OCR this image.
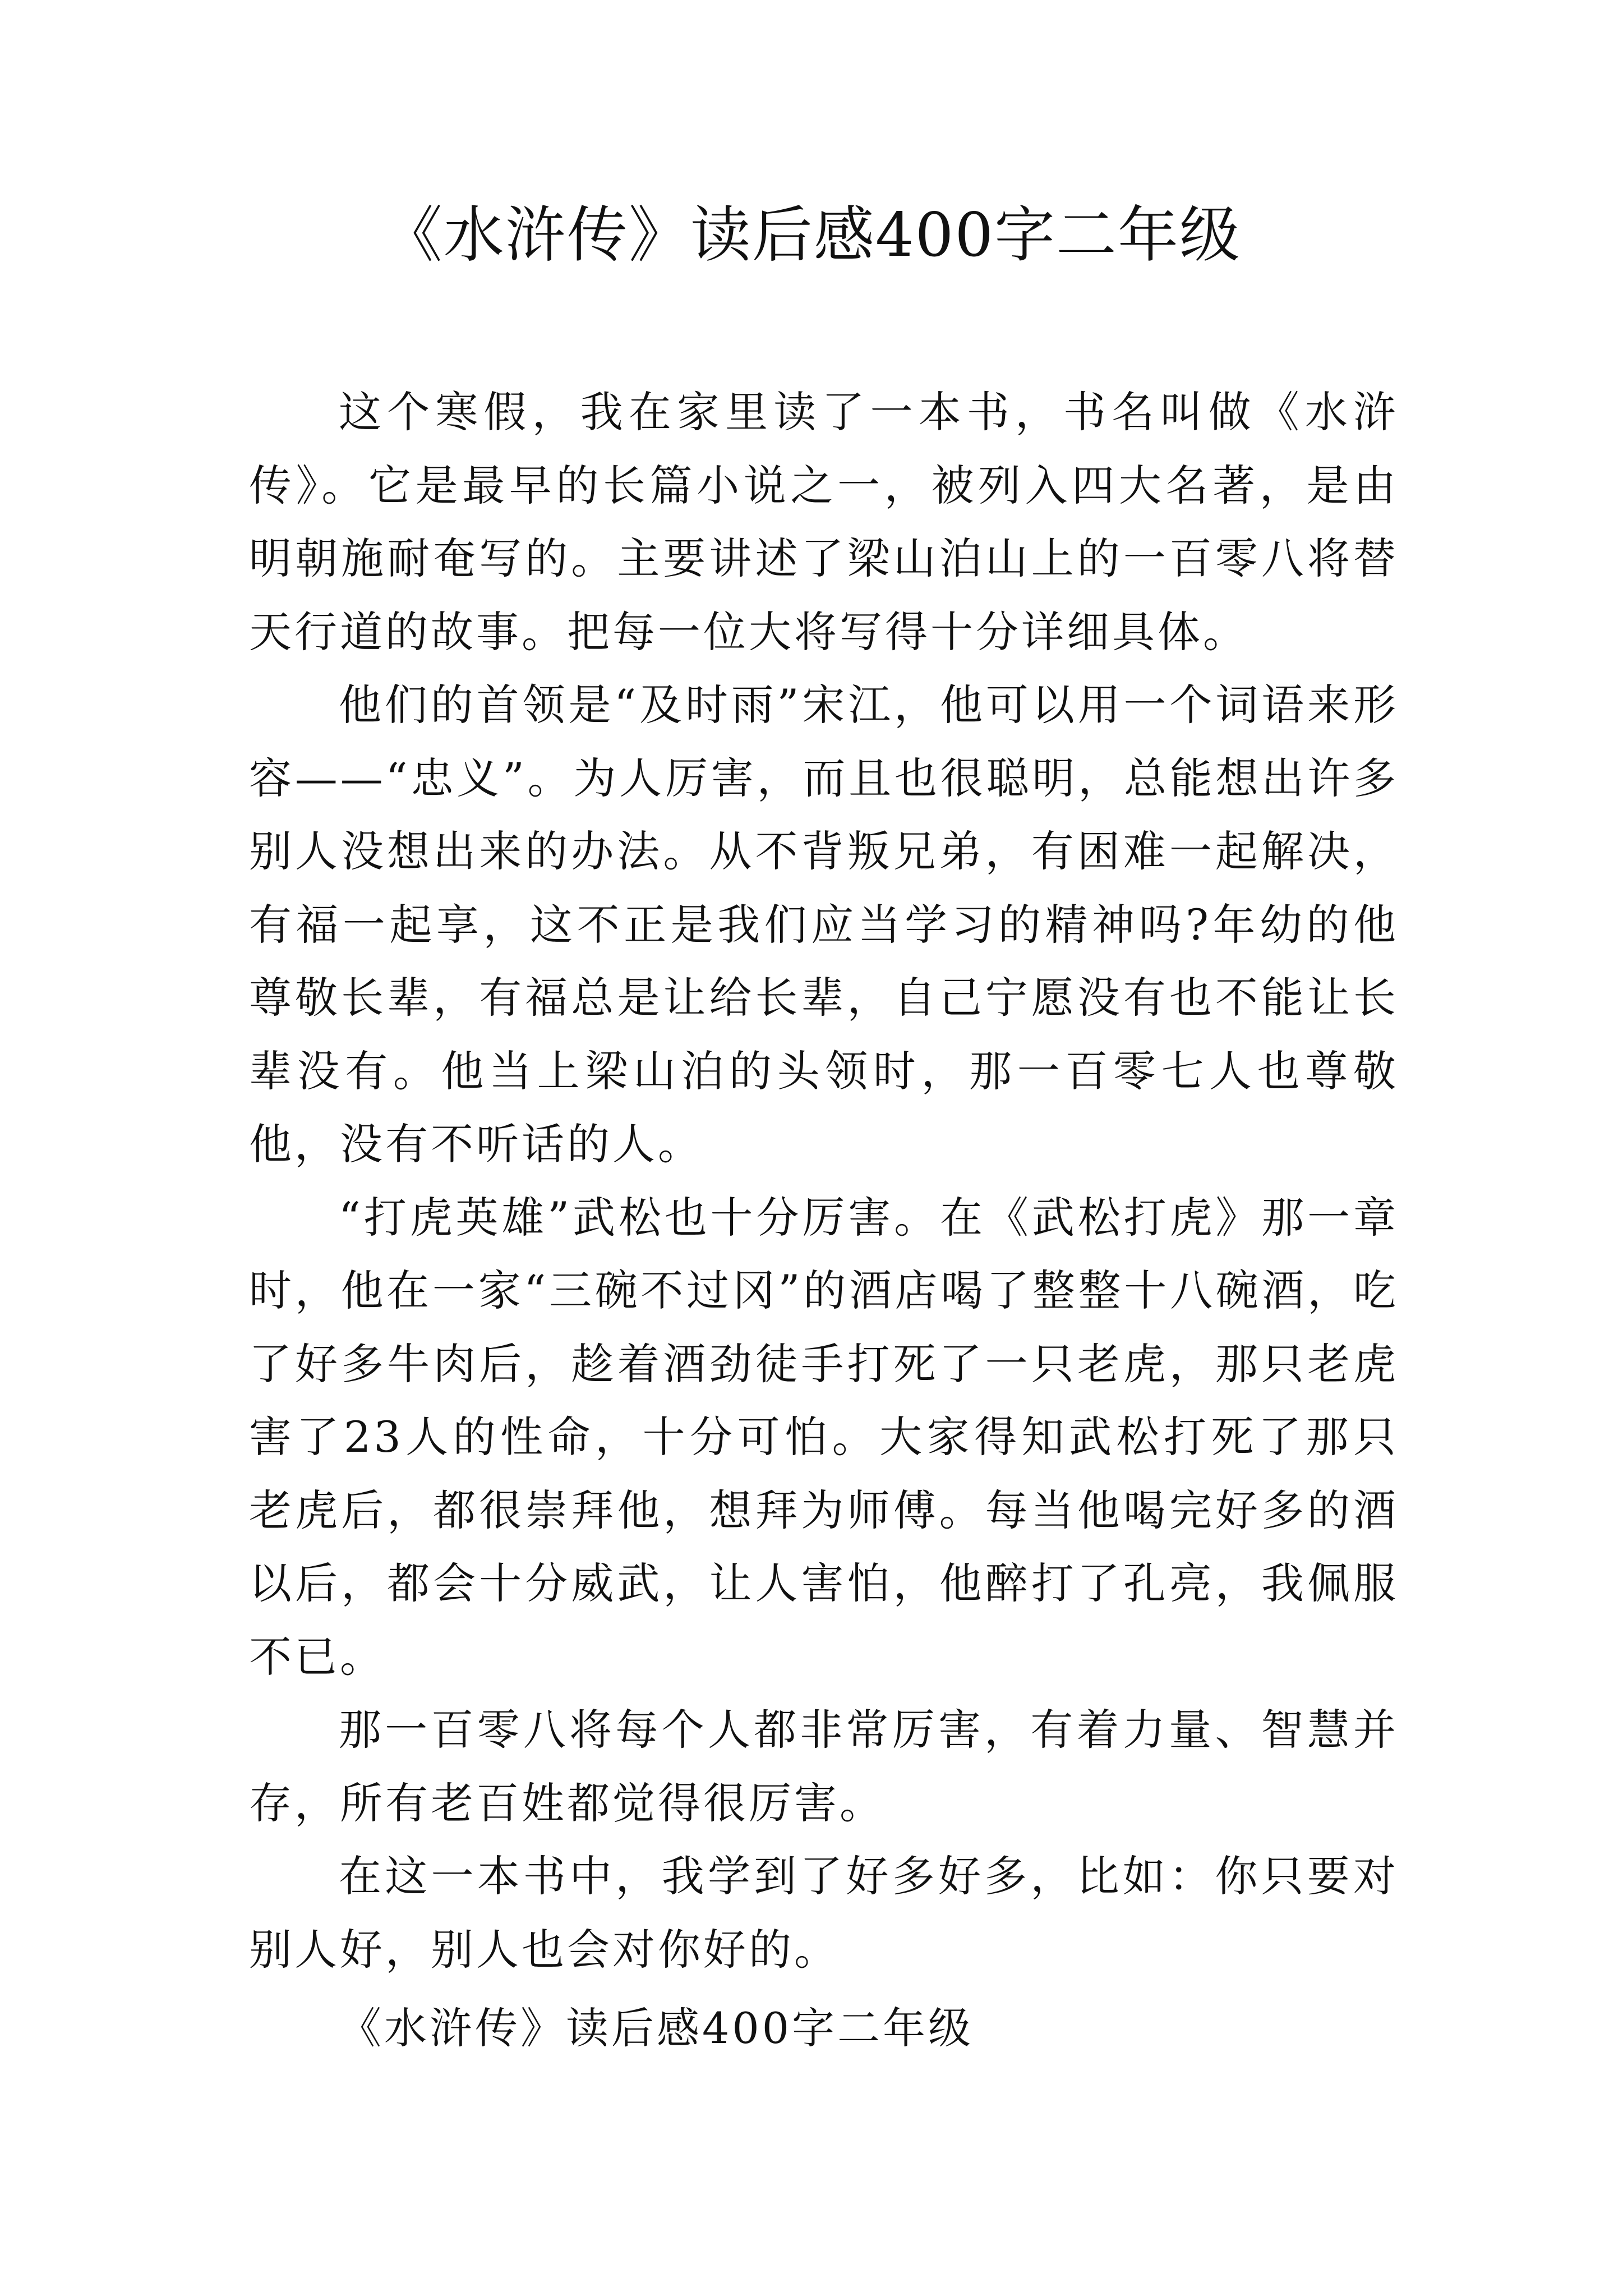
《水浒传》读后感400字二年级

这个寒假，我在家里读了一本书，书名叫做《水浒传》。它是最早的长篇小说之一，被列入四大名著，是由明朝施耐奄写的。主要讲述了梁山泊山上的一百零八将替天行道的故事。把每一位大将写得十分详细具体。

他们的首领是“及时雨”宋江，他可以用一个词语来形容——“忠义”。为人厉害，而且也很聪明，总能想出许多别人没想出来的办法。从不背叛兄弟，有困难一起解决，有福一起享，这不正是我们应当学习的精神吗?年幼的他尊敬长辈，有福总是让给长辈，自己宁愿没有也不能让长辈没有。他当上梁山泊的头领时，那一百零七人也尊敬他，没有不听话的人。

“打虎英雄”武松也十分厉害。在《武松打虎》那一章时，他在一家“三碗不过冈”的酒店喝了整整十八碗酒，吃了好多牛肉后，趁着酒劲徒手打死了一只老虎，那只老虎害了23人的性命，十分可怕。大家得知武松打死了那只老虎后，都很崇拜他，想拜为师傅。每当他喝完好多的酒以后，都会十分威武，让人害怕，他醉打了孔亮，我佩服不已。

那一百零八将每个人都非常厉害，有着力量、智慧并存，所有老百姓都觉得很厉害。

在这一本书中，我学到了好多好多，比如：你只要对别人好，别人也会对你好的。

《水浒传》读后感400字二年级
